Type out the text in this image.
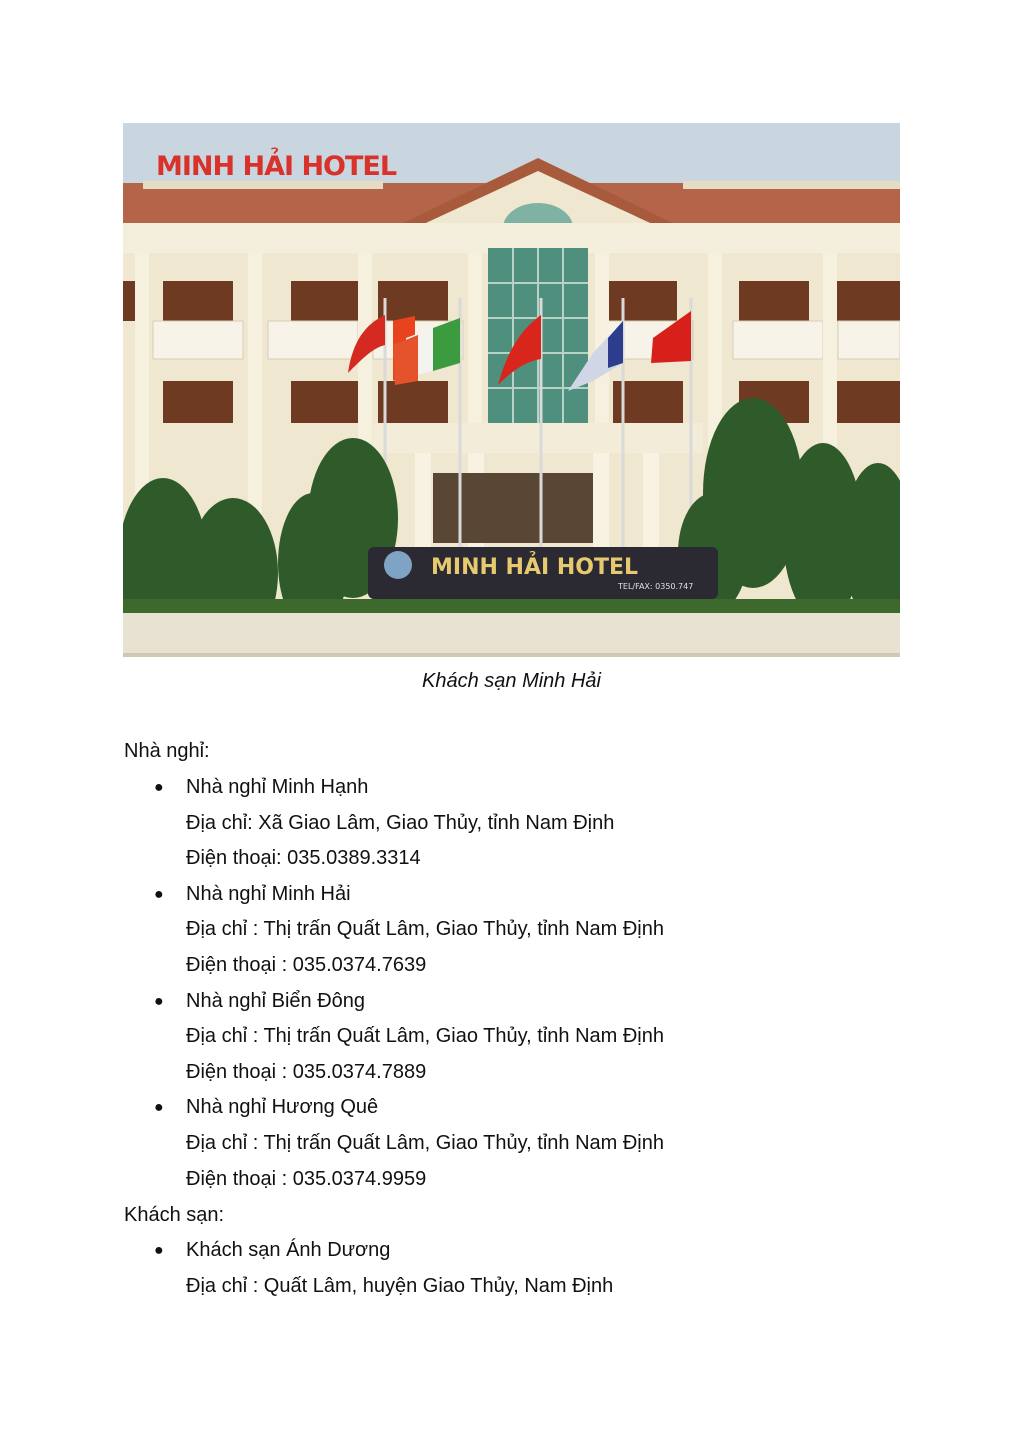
MINH HẢI HOTEL
MINH HẢI HOTEL
TEL/FAX: 0350.747
Khách sạn Minh Hải
Nhà nghỉ:
● Nhà nghỉ Minh Hạnh
Địa chỉ: Xã Giao Lâm, Giao Thủy, tỉnh Nam Định
Điện thoại: 035.0389.3314
● Nhà nghỉ Minh Hải
Địa chỉ : Thị trấn Quất Lâm, Giao Thủy, tỉnh Nam Định
Điện thoại : 035.0374.7639
● Nhà nghỉ Biển Đông
Địa chỉ : Thị trấn Quất Lâm, Giao Thủy, tỉnh Nam Định
Điện thoại : 035.0374.7889
● Nhà nghỉ Hương Quê
Địa chỉ : Thị trấn Quất Lâm, Giao Thủy, tỉnh Nam Định
Điện thoại : 035.0374.9959
Khách sạn:
● Khách sạn Ánh Dương
Địa chỉ : Quất Lâm, huyện Giao Thủy, Nam Định
